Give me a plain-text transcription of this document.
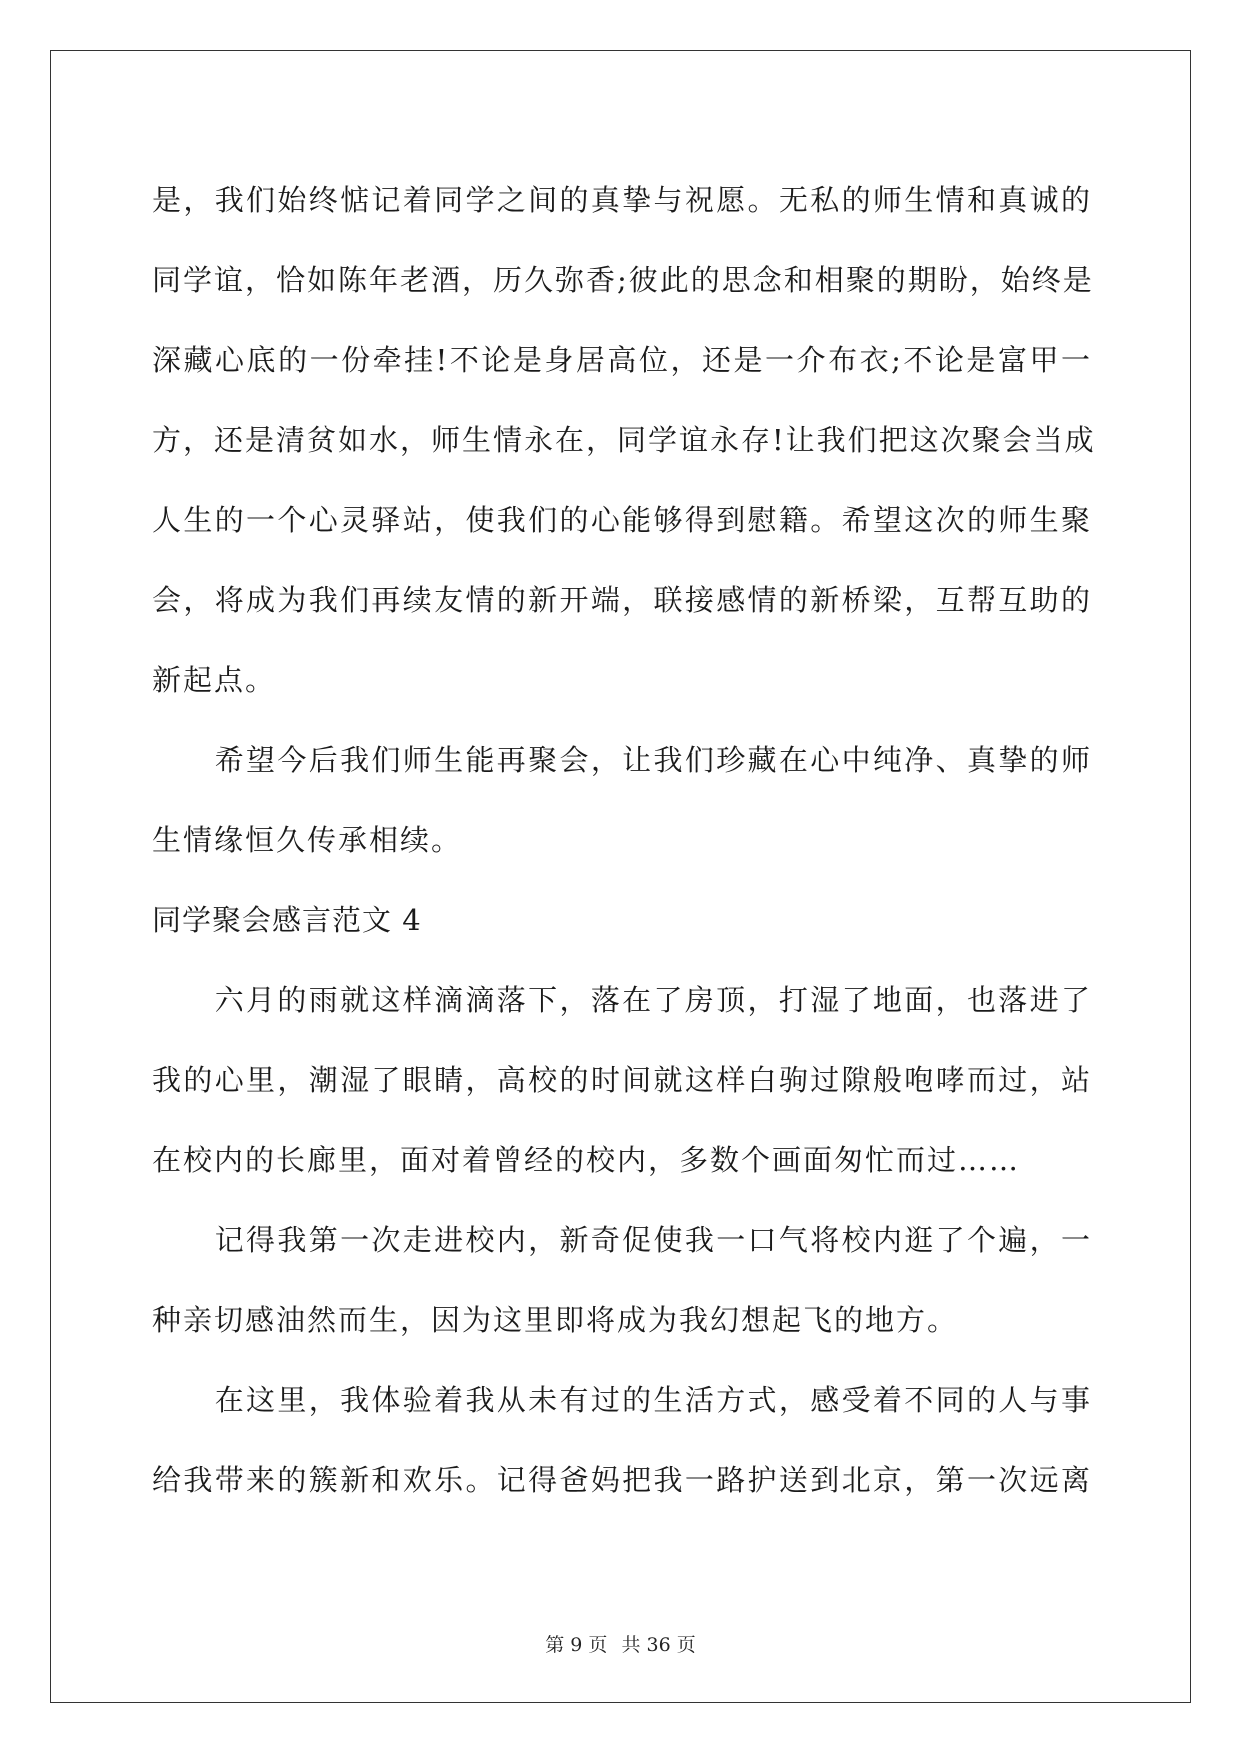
是，我们始终惦记着同学之间的真挚与祝愿。无私的师生情和真诚的
同学谊，恰如陈年老酒，历久弥香;彼此的思念和相聚的期盼，始终是
深藏心底的一份牵挂!不论是身居高位，还是一介布衣;不论是富甲一
方，还是清贫如水，师生情永在，同学谊永存!让我们把这次聚会当成
人生的一个心灵驿站，使我们的心能够得到慰籍。希望这次的师生聚
会，将成为我们再续友情的新开端，联接感情的新桥梁，互帮互助的
新起点。
　　希望今后我们师生能再聚会，让我们珍藏在心中纯净、真挚的师
生情缘恒久传承相续。
同学聚会感言范文 4
　　六月的雨就这样滴滴落下，落在了房顶，打湿了地面，也落进了
我的心里，潮湿了眼睛，高校的时间就这样白驹过隙般咆哮而过，站
在校内的长廊里，面对着曾经的校内，多数个画面匆忙而过……
　　记得我第一次走进校内，新奇促使我一口气将校内逛了个遍，一
种亲切感油然而生，因为这里即将成为我幻想起飞的地方。
　　在这里，我体验着我从未有过的生活方式，感受着不同的人与事
给我带来的簇新和欢乐。记得爸妈把我一路护送到北京，第一次远离
第 9 页 共 36 页
